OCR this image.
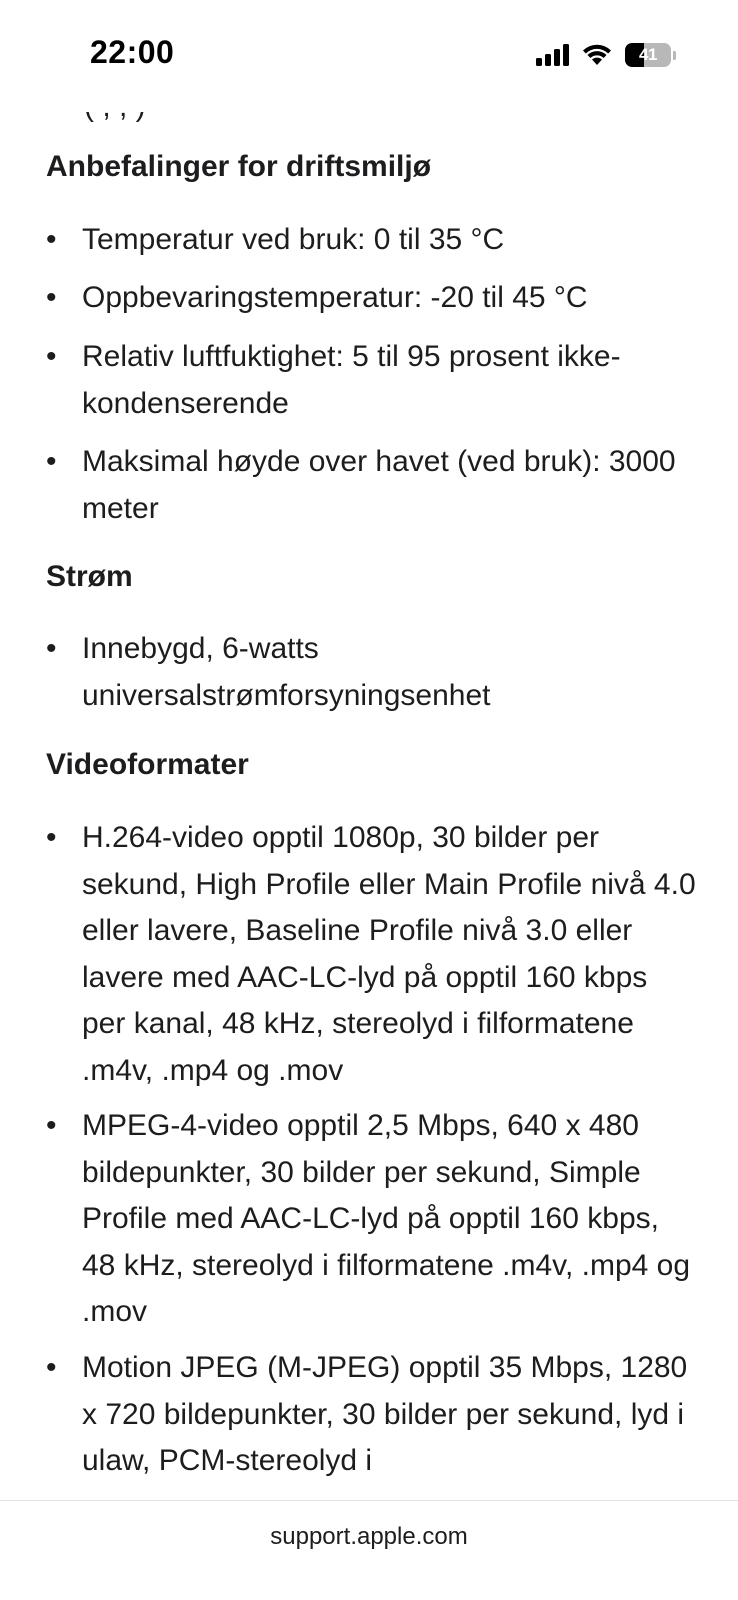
22:00	41
Anbefalinger for driftsmiljø
• Temperatur ved bruk: 0 til 35 °C
• Oppbevaringstemperatur: -20 til 45 °C
• Relativ luftfuktighet: 5 til 95 prosent ikke-kondenserende
• Maksimal høyde over havet (ved bruk): 3000 meter
Strøm
• Innebygd, 6-watts universalstrømforsyningsenhet
Videoformater
• H.264-video opptil 1080p, 30 bilder per sekund, High Profile eller Main Profile nivå 4.0 eller lavere, Baseline Profile nivå 3.0 eller lavere med AAC-LC-lyd på opptil 160 kbps per kanal, 48 kHz, stereolyd i filformatene .m4v, .mp4 og .mov
• MPEG-4-video opptil 2,5 Mbps, 640 x 480 bildepunkter, 30 bilder per sekund, Simple Profile med AAC-LC-lyd på opptil 160 kbps, 48 kHz, stereolyd i filformatene .m4v, .mp4 og .mov
• Motion JPEG (M-JPEG) opptil 35 Mbps, 1280 x 720 bildepunkter, 30 bilder per sekund, lyd i ulaw, PCM-stereolyd i
support.apple.com
